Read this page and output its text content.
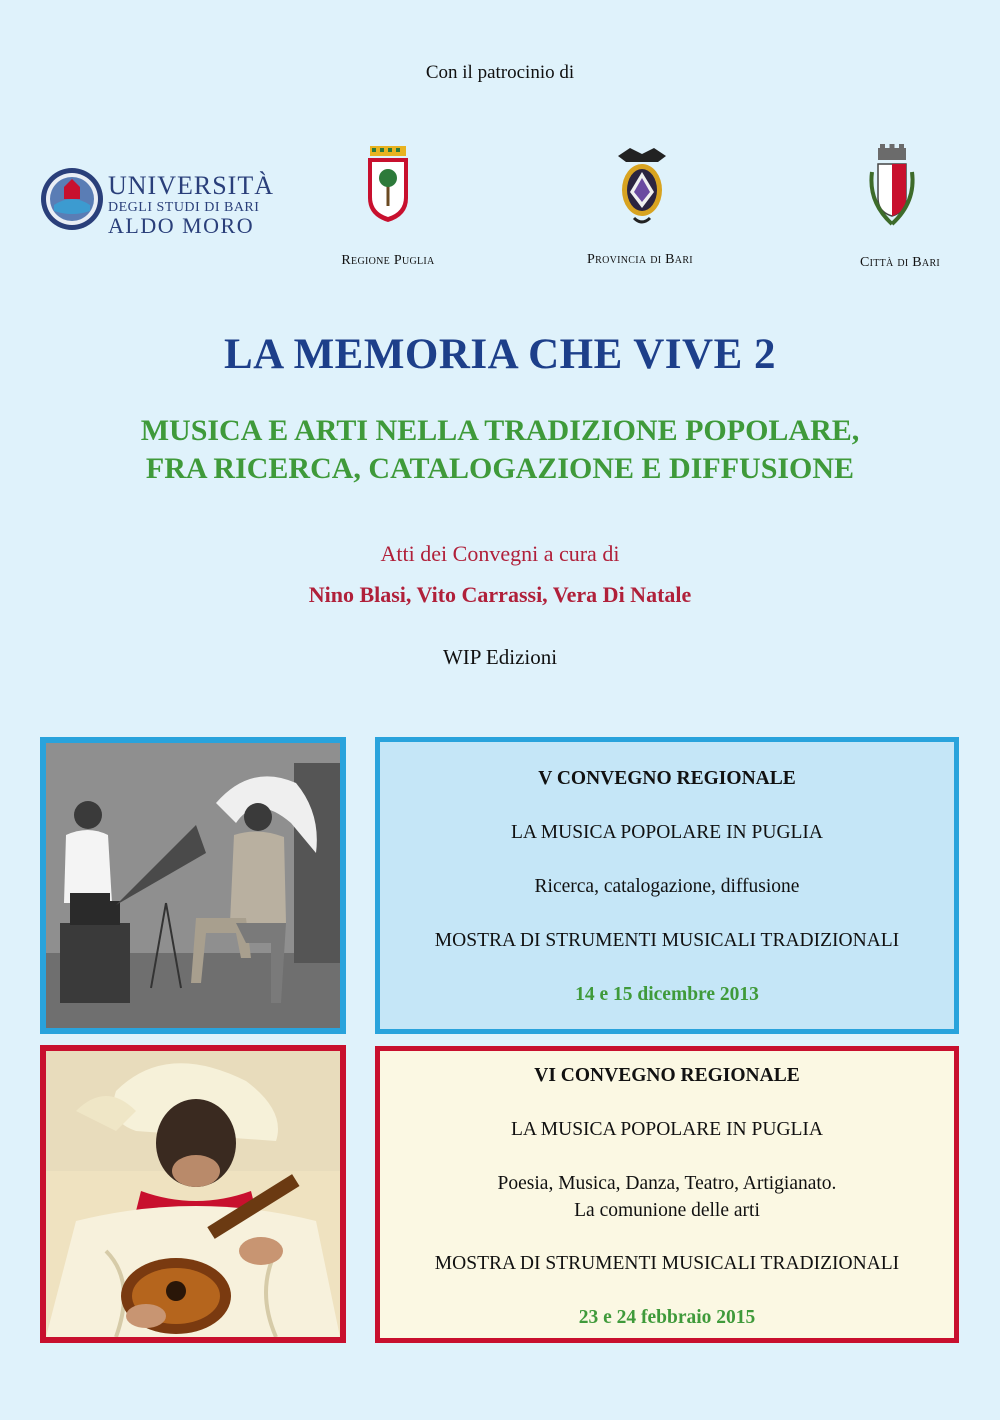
Con il patrocinio di
UNIVERSITÀ
DEGLI STUDI DI BARI
ALDO MORO
Regione Puglia	Provincia di Bari	Città di Bari
LA MEMORIA CHE VIVE 2
MUSICA E ARTI NELLA TRADIZIONE POPOLARE,
FRA RICERCA, CATALOGAZIONE E DIFFUSIONE
Atti dei Convegni a cura di
Nino Blasi, Vito Carrassi, Vera Di Natale
WIP Edizioni
V CONVEGNO REGIONALE
LA MUSICA POPOLARE IN PUGLIA
Ricerca, catalogazione, diffusione
MOSTRA DI STRUMENTI MUSICALI TRADIZIONALI
14 e 15 dicembre 2013
VI CONVEGNO REGIONALE
LA MUSICA POPOLARE IN PUGLIA
Poesia, Musica, Danza, Teatro, Artigianato.
La comunione delle arti
MOSTRA DI STRUMENTI MUSICALI TRADIZIONALI
23 e 24 febbraio 2015
